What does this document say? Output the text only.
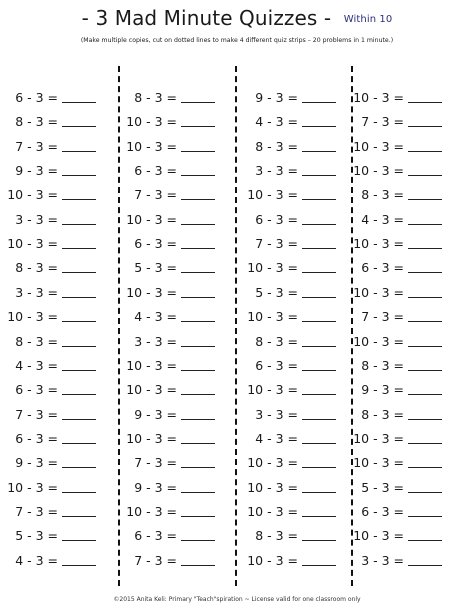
- 3 Mad Minute Quizzes - Within 10
(Make multiple copies, cut on dotted lines to make 4 different quiz strips – 20 problems in 1 minute.)
6 - 3 =
8 - 3 =
7 - 3 =
9 - 3 =
10 - 3 =
3 - 3 =
10 - 3 =
8 - 3 =
3 - 3 =
10 - 3 =
8 - 3 =
4 - 3 =
6 - 3 =
7 - 3 =
6 - 3 =
9 - 3 =
10 - 3 =
7 - 3 =
5 - 3 =
4 - 3 =
8 - 3 =
10 - 3 =
10 - 3 =
6 - 3 =
7 - 3 =
10 - 3 =
6 - 3 =
5 - 3 =
10 - 3 =
4 - 3 =
3 - 3 =
10 - 3 =
10 - 3 =
9 - 3 =
10 - 3 =
7 - 3 =
9 - 3 =
10 - 3 =
6 - 3 =
7 - 3 =
9 - 3 =
4 - 3 =
8 - 3 =
3 - 3 =
10 - 3 =
6 - 3 =
7 - 3 =
10 - 3 =
5 - 3 =
10 - 3 =
8 - 3 =
6 - 3 =
10 - 3 =
3 - 3 =
4 - 3 =
10 - 3 =
10 - 3 =
10 - 3 =
8 - 3 =
10 - 3 =
10 - 3 =
7 - 3 =
10 - 3 =
10 - 3 =
8 - 3 =
4 - 3 =
10 - 3 =
6 - 3 =
10 - 3 =
7 - 3 =
10 - 3 =
8 - 3 =
9 - 3 =
8 - 3 =
10 - 3 =
10 - 3 =
5 - 3 =
6 - 3 =
10 - 3 =
3 - 3 =
©2015 Anita Keli: Primary "Teach"spiration ~ License valid for one classroom only
